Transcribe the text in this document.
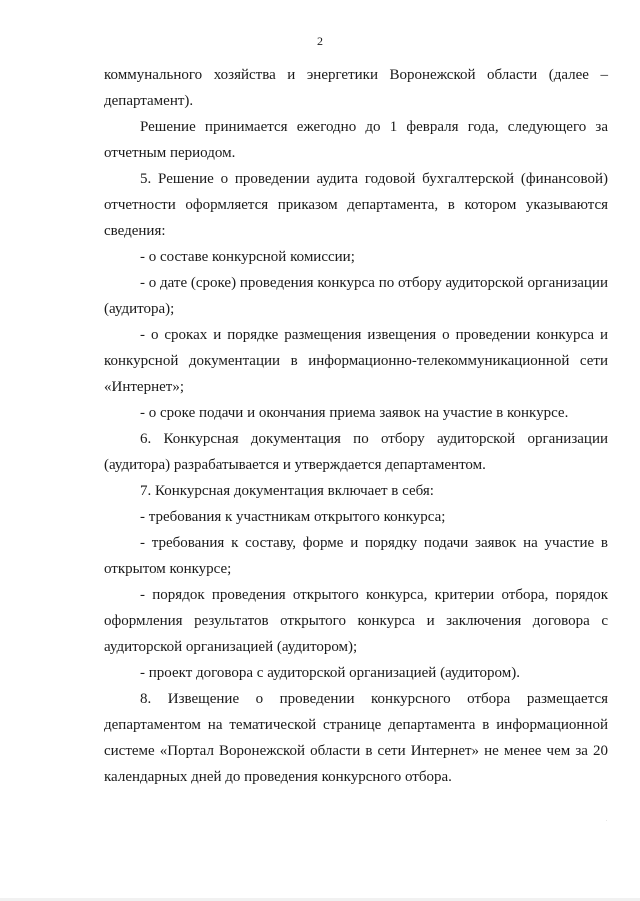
2

коммунального хозяйства и энергетики Воронежской области (далее – департамент).

Решение принимается ежегодно до 1 февраля года, следующего за отчетным периодом.

5. Решение о проведении аудита годовой бухгалтерской (финансовой) отчетности оформляется приказом департамента, в котором указываются сведения:

- о составе конкурсной комиссии;

- о дате (сроке) проведения конкурса по отбору аудиторской организации (аудитора);

- о сроках и порядке размещения извещения о проведении конкурса и конкурсной документации в информационно-телекоммуникационной сети «Интернет»;

- о сроке подачи и окончания приема заявок на участие в конкурсе.

6. Конкурсная документация по отбору аудиторской организации (аудитора) разрабатывается и утверждается департаментом.

7. Конкурсная документация включает в себя:

- требования к участникам открытого конкурса;

- требования к составу, форме и порядку подачи заявок на участие в открытом конкурсе;

- порядок проведения открытого конкурса, критерии отбора, порядок оформления результатов открытого конкурса и заключения договора с аудиторской организацией (аудитором);

- проект договора с аудиторской организацией (аудитором).

8. Извещение о проведении конкурсного отбора размещается департаментом на тематической странице департамента в информационной системе «Портал Воронежской области в сети Интернет» не менее чем за 20 календарных дней до проведения конкурсного отбора.
